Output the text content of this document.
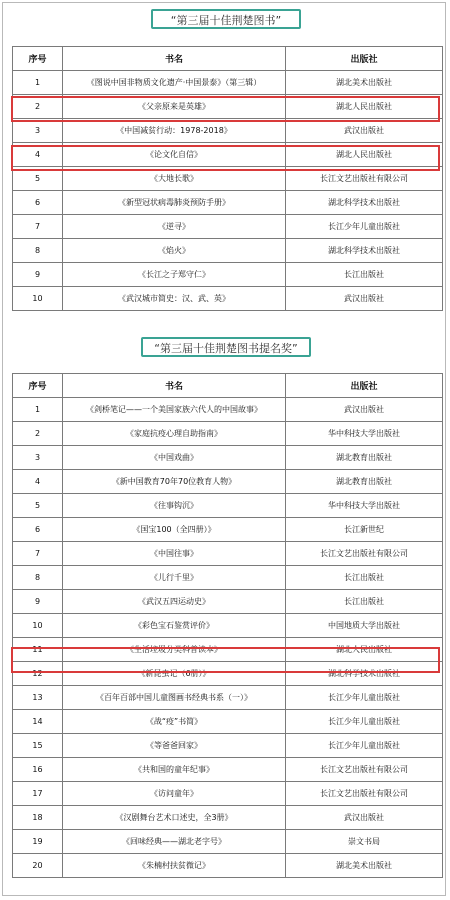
“第三届十佳荆楚图书”
序号	书名	出版社
1	《图说中国非物质文化遗产·中国景泰》（第三辑）	湖北美术出版社
2	《父亲原来是英雄》	湖北人民出版社
3	《中国减贫行动：1978-2018》	武汉出版社
4	《论文化自信》	湖北人民出版社
5	《大地长歌》	长江文艺出版社有限公司
6	《新型冠状病毒肺炎预防手册》	湖北科学技术出版社
7	《逆寻》	长江少年儿童出版社
8	《焰火》	湖北科学技术出版社
9	《长江之子郑守仁》	长江出版社
10	《武汉城市简史：汉、武、英》	武汉出版社
“第三届十佳荆楚图书提名奖”
序号	书名	出版社
1	《剑桥笔记——一个美国家族六代人的中国故事》	武汉出版社
2	《家庭抗疫心理自助指南》	华中科技大学出版社
3	《中国戏曲》	湖北教育出版社
4	《新中国教育70年70位教育人物》	湖北教育出版社
5	《往事钩沉》	华中科技大学出版社
6	《国宝100（全四册）》	长江新世纪
7	《中国往事》	长江文艺出版社有限公司
8	《儿行千里》	长江出版社
9	《武汉五四运动史》	长江出版社
10	《彩色宝石鉴赏评价》	中国地质大学出版社
11	《生活垃圾分类科普读本》	湖北人民出版社
12	《新昆虫记（6册）》	湖北科学技术出版社
13	《百年百部中国儿童图画书经典书系（一）》	长江少年儿童出版社
14	《战“疫”书简》	长江少年儿童出版社
15	《等爸爸回家》	长江少年儿童出版社
16	《共和国的童年纪事》	长江文艺出版社有限公司
17	《访问童年》	长江文艺出版社有限公司
18	《汉剧舞台艺术口述史，全3册》	武汉出版社
19	《回味经典——湖北老字号》	崇文书局
20	《朱楠村扶贫微记》	湖北美术出版社
